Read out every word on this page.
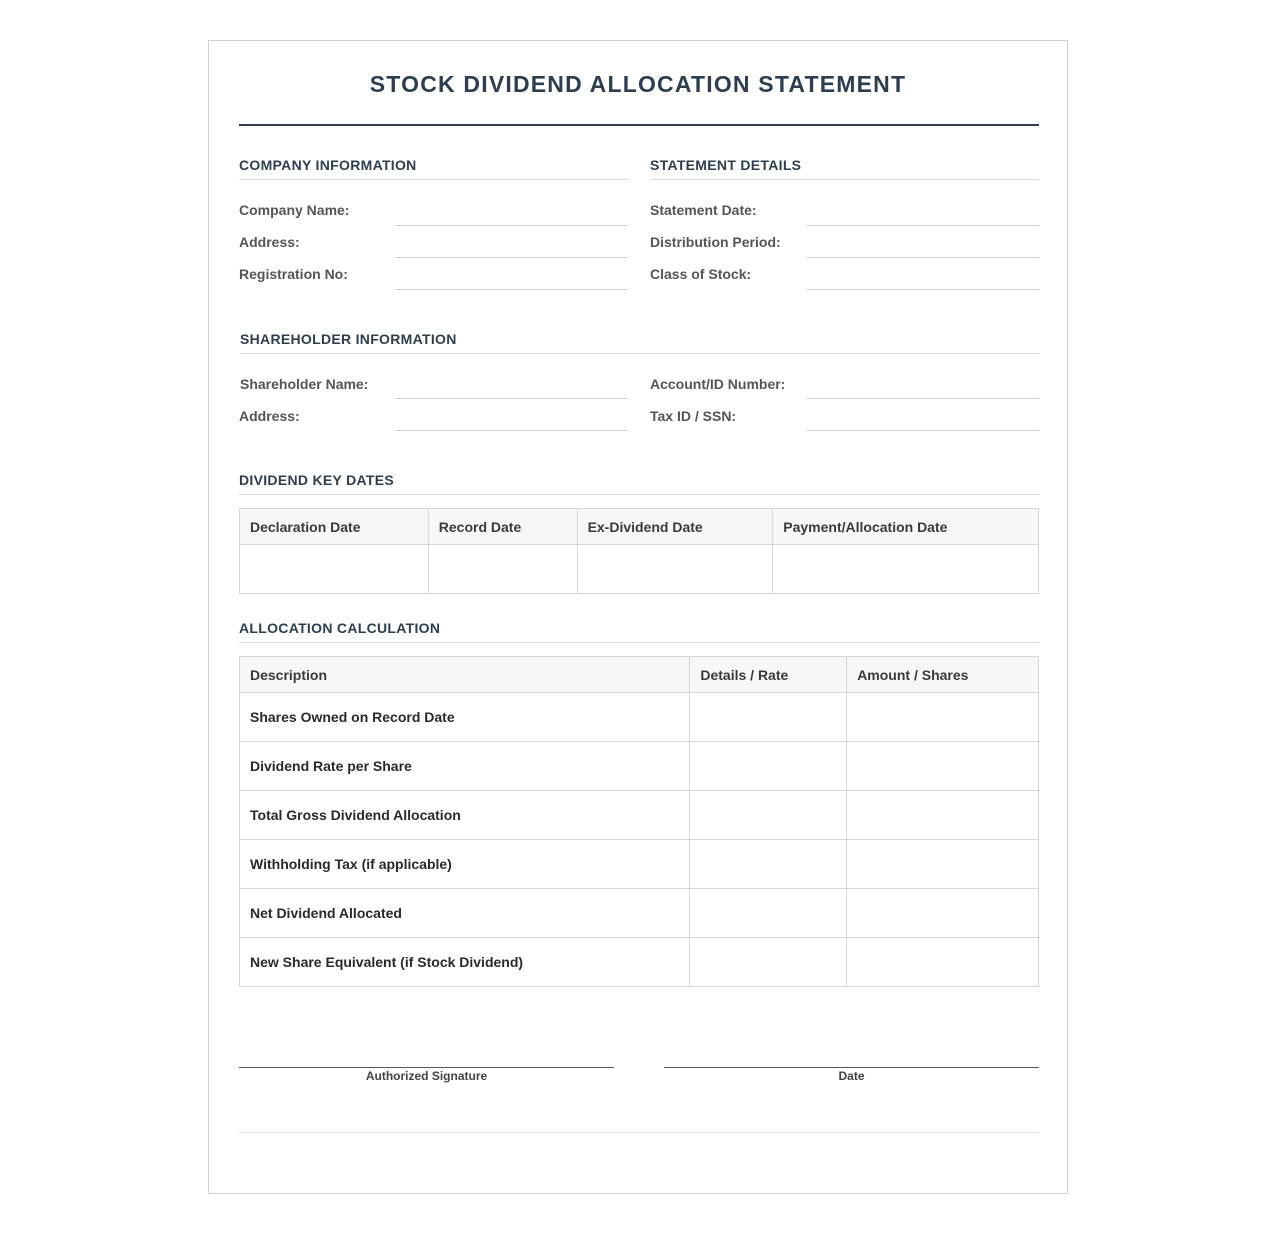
STOCK DIVIDEND ALLOCATION STATEMENT
COMPANY INFORMATION
Company Name:
Address:
Registration No:
STATEMENT DETAILS
Statement Date:
Distribution Period:
Class of Stock:
SHAREHOLDER INFORMATION
Shareholder Name:
Address:
Account/ID Number:
Tax ID / SSN:
DIVIDEND KEY DATES
Declaration Date	Record Date	Ex-Dividend Date	Payment/Allocation Date

ALLOCATION CALCULATION
Description	Details / Rate	Amount / Shares
Shares Owned on Record Date		
Dividend Rate per Share		
Total Gross Dividend Allocation		
Withholding Tax (if applicable)		
Net Dividend Allocated		
New Share Equivalent (if Stock Dividend)		
Authorized Signature	Date
